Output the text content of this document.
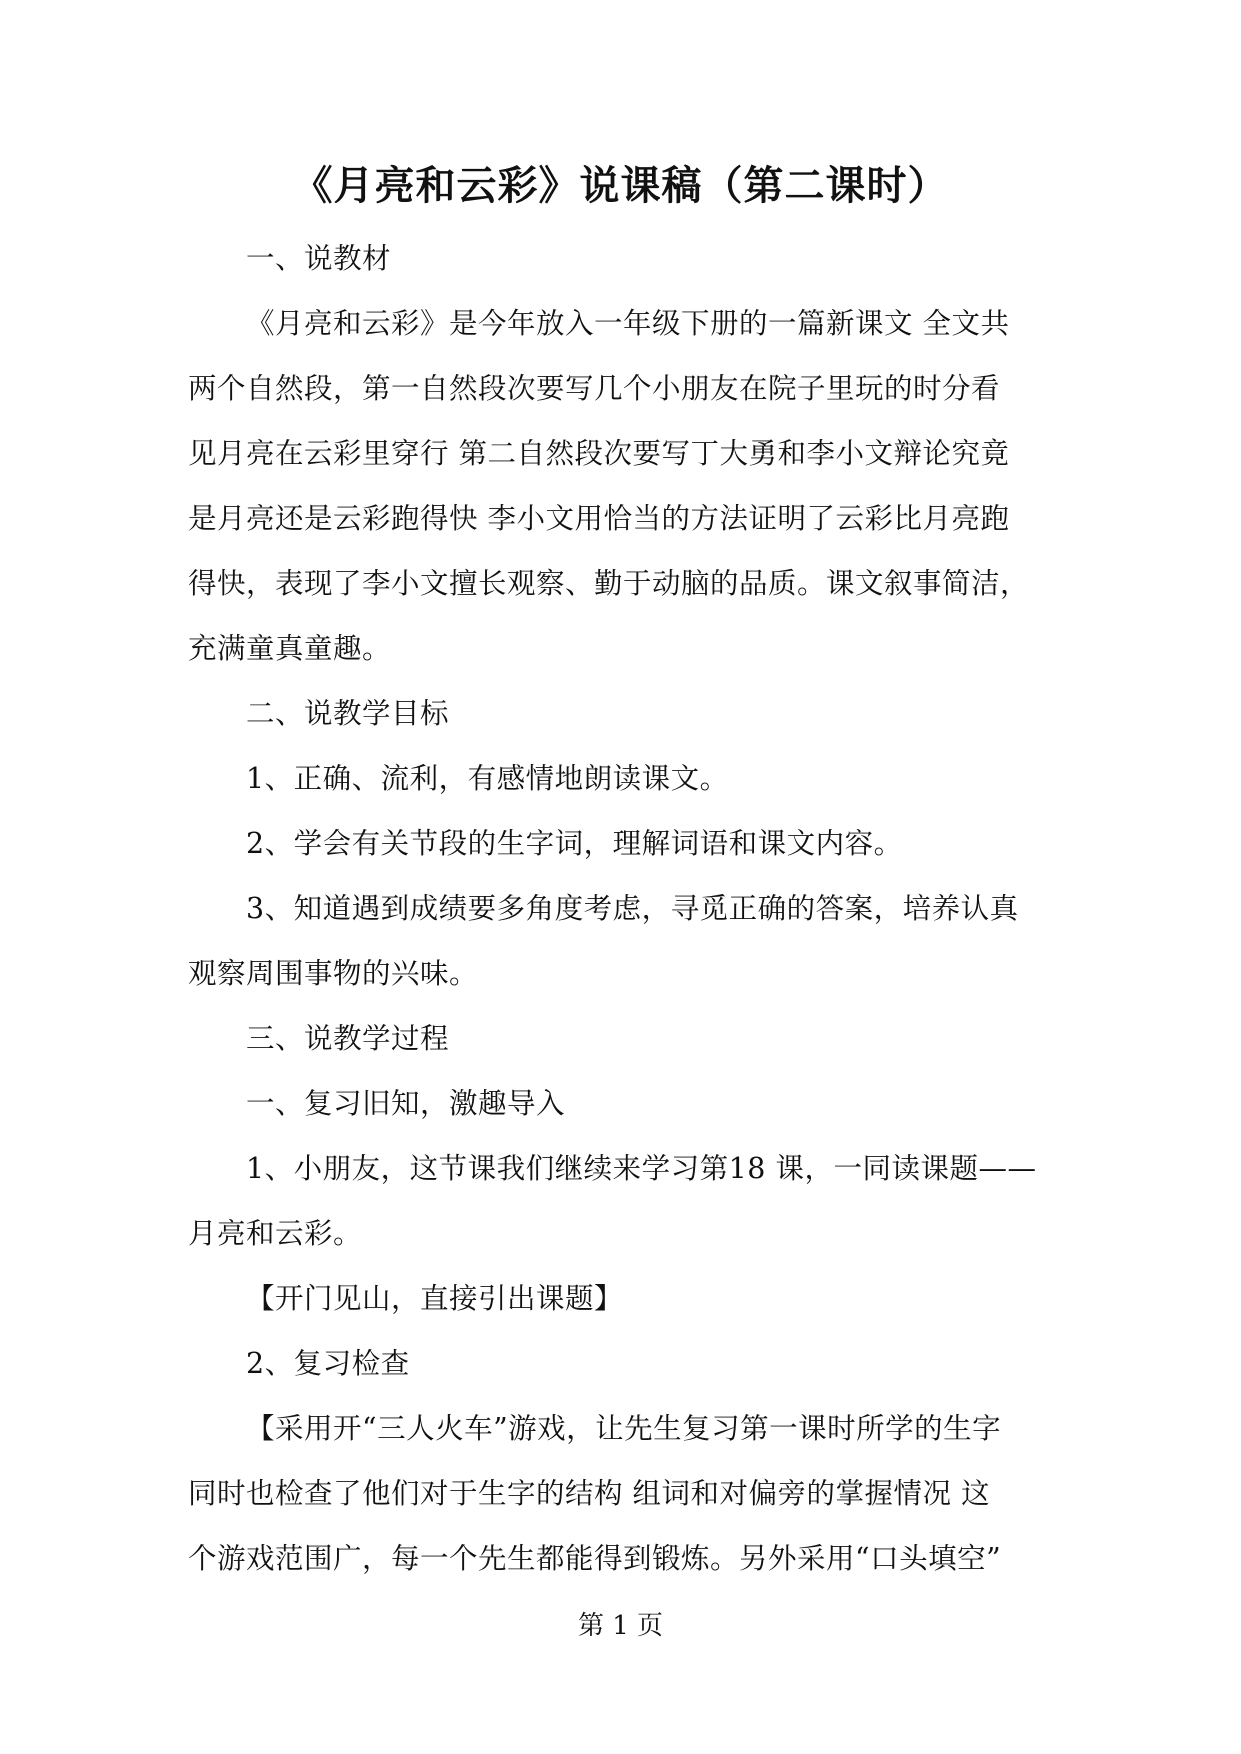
《月亮和云彩》说课稿（第二课时）
一、说教材
《月亮和云彩》是今年放入一年级下册的一篇新课文 全文共
两个自然段，第一自然段次要写几个小朋友在院子里玩的时分看
见月亮在云彩里穿行 第二自然段次要写丁大勇和李小文辩论究竟
是月亮还是云彩跑得快 李小文用恰当的方法证明了云彩比月亮跑
得快，表现了李小文擅长观察、勤于动脑的品质。课文叙事简洁，
充满童真童趣。
二、说教学目标
1、正确、流利，有感情地朗读课文。
2、学会有关节段的生字词，理解词语和课文内容。
3、知道遇到成绩要多角度考虑，寻觅正确的答案，培养认真
观察周围事物的兴味。
三、说教学过程
一、复习旧知，激趣导入
1、小朋友，这节课我们继续来学习第18 课，一同读课题——
月亮和云彩。
【开门见山，直接引出课题】
2、复习检查
【采用开“三人火车”游戏，让先生复习第一课时所学的生字
同时也检查了他们对于生字的结构 组词和对偏旁的掌握情况 这
个游戏范围广，每一个先生都能得到锻炼。另外采用“口头填空”
第 1 页
